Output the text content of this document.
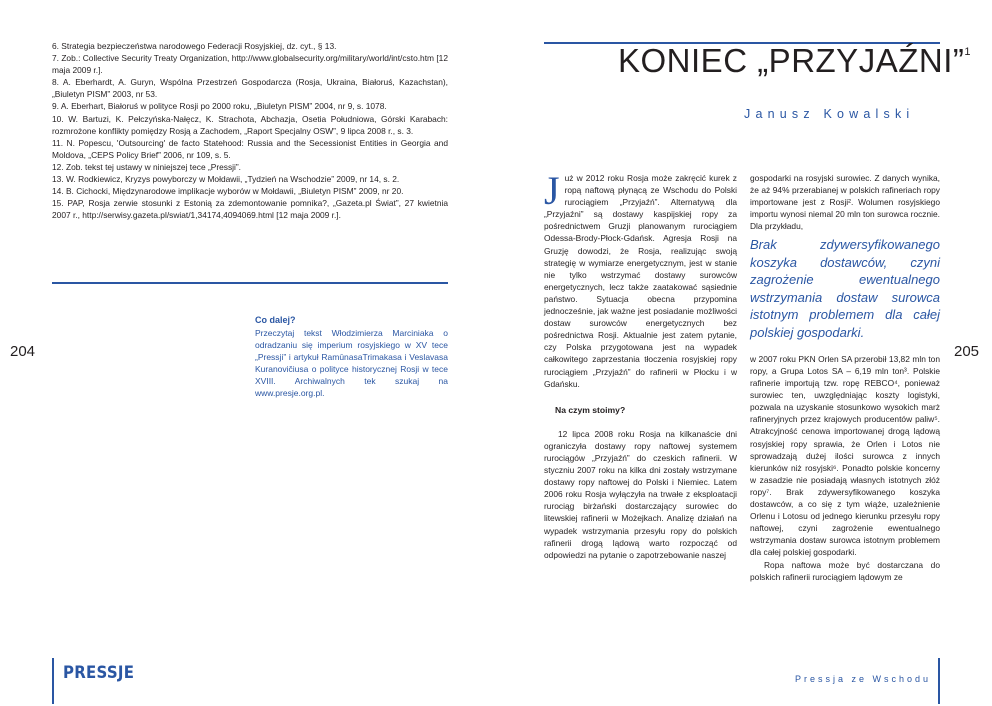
6. Strategia bezpieczeństwa narodowego Federacji Rosyjskiej, dz. cyt., § 13.
7. Zob.: Collective Security Treaty Organization, http://www.globalsecurity.org/military/world/int/csto.htm [12 maja 2009 r.].
8. A. Eberhardt, A. Guryn, Wspólna Przestrzeń Gospodarcza (Rosja, Ukraina, Białoruś, Kazachstan), „Biuletyn PISM” 2003, nr 53.
9. A. Eberhart, Białoruś w polityce Rosji po 2000 roku, „Biuletyn PISM” 2004, nr 9, s. 1078.
10. W. Bartuzi, K. Pełczyńska-Nałęcz, K. Strachota, Abchazja, Osetia Południowa, Górski Karabach: rozmrożone konflikty pomiędzy Rosją a Zachodem, „Raport Specjalny OSW”, 9 lipca 2008 r., s. 3.
11. N. Popescu, 'Outsourcing' de facto Statehood: Russia and the Secessionist Entities in Georgia and Moldova, „CEPS Policy Brief” 2006, nr 109, s. 5.
12. Zob. tekst tej ustawy w niniejszej tece „Pressji”.
13. W. Rodkiewicz, Kryzys powyborczy w Mołdawii, „Tydzień na Wschodzie” 2009, nr 14, s. 2.
14. B. Cichocki, Międzynarodowe implikacje wyborów w Mołdawii, „Biuletyn PISM” 2009, nr 20.
15. PAP, Rosja zerwie stosunki z Estonią za zdemontowanie pomnika?, „Gazeta.pl Świat”, 27 kwietnia 2007 r., http://serwisy.gazeta.pl/swiat/1,34174,4094069.html [12 maja 2009 r.].
Co dalej?
Przeczytaj tekst Włodzimierza Marciniaka o odradzaniu się imperium rosyjskiego w XV tece „Pressji” i artykuł RamūnasaTrimakasa i Veslavasa Kuranovičiusa o polityce historycznej Rosji w tece XVIII. Archiwalnych tek szukaj na www.presje.org.pl.
204
PRESSJE
KONIEC „PRZYJAŹNI”$^1$
Janusz Kowalski

Już w 2012 roku Rosja może zakręcić kurek z ropą naftową płynącą ze Wschodu do Polski rurociągiem „Przyjaźń”. Alternatywą dla „Przyjaźni” są dostawy kaspijskiej ropy za pośrednictwem Gruzji planowanym rurociągiem Odessa-Brody-Płock-Gdańsk. Agresja Rosji na Gruzję dowodzi, że Rosja, realizując swoją strategię w wymiarze energetycznym, jest w stanie nie tylko wstrzymać dostawy surowców energetycznych, lecz także zaatakować sąsiednie państwo. Sytuacja obecna przypomina jednocześnie, jak ważne jest posiadanie możliwości dostaw surowców energetycznych bez pośrednictwa Rosji. Aktualnie jest zatem pytanie, czy Polska przygotowana jest na wypadek całkowitego zaprzestania tłoczenia rosyjskiej ropy rurociągiem „Przyjaźń” do rafinerii w Płocku i w Gdańsku.

Na czym stoimy?

12 lipca 2008 roku Rosja na kilkanaście dni ograniczyła dostawy ropy naftowej systemem rurociągów „Przyjaźń” do czeskich rafinerii. W styczniu 2007 roku na kilka dni zostały wstrzymane dostawy ropy naftowej do Polski i Niemiec. Latem 2006 roku Rosja wyłączyła na trwałe z eksploatacji rurociąg birżański dostarczający surowiec do litewskiej rafinerii w Możejkach. Analizę działań na wypadek wstrzymania przesyłu ropy do polskich rafinerii drogą lądową warto rozpocząć od odpowiedzi na pytanie o zapotrzebowanie naszej

gospodarki na rosyjski surowiec. Z danych wynika, że aż 94% przerabianej w polskich rafineriach ropy importowane jest z Rosji². Wolumen rosyjskiego importu wynosi niemal 20 mln ton surowca rocznie. Dla przykładu,

Brak zdywersyfikowanego koszyka dostawców, czyni zagrożenie ewentualnego wstrzymania dostaw surowca istotnym problemem dla całej polskiej gospodarki.

w 2007 roku PKN Orlen SA przerobił 13,82 mln ton ropy, a Grupa Lotos SA – 6,19 mln ton³. Polskie rafinerie importują tzw. ropę REBCO⁴, ponieważ surowiec ten, uwzględniając koszty logistyki, pozwala na uzyskanie stosunkowo wysokich marż rafineryjnych przez krajowych producentów paliw⁵. Atrakcyjność cenowa importowanej drogą lądową rosyjskiej ropy sprawia, że Orlen i Lotos nie sprowadzają dużej ilości surowca z innych kierunków niż rosyjski⁶. Ponadto polskie koncerny w zasadzie nie posiadają własnych istotnych złóż ropy⁷. Brak zdywersyfikowanego koszyka dostawców, a co się z tym wiąże, uzależnienie Orlenu i Lotosu od jednego kierunku przesyłu ropy naftowej, czyni zagrożenie ewentualnego wstrzymania dostaw surowca istotnym problemem dla całej polskiej gospodarki.

Ropa naftowa może być dostarczana do polskich rafinerii rurociągiem lądowym ze

205
Pressja ze Wschodu
